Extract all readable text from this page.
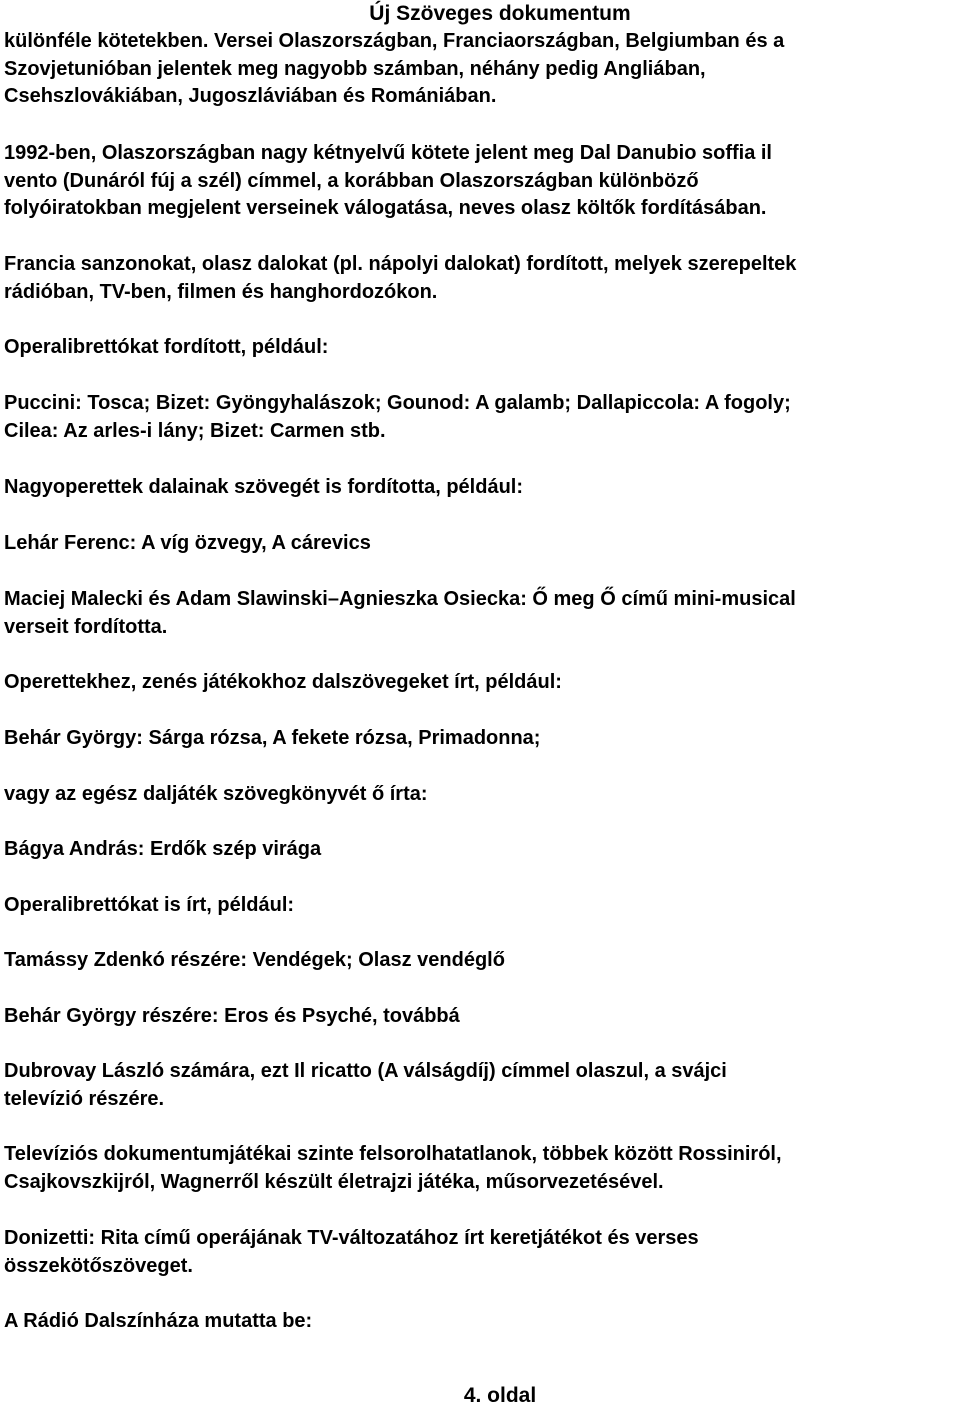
Új Szöveges dokumentum
különféle kötetekben. Versei Olaszországban, Franciaországban, Belgiumban és a
Szovjetunióban jelentek meg nagyobb számban, néhány pedig Angliában,
Csehszlovákiában, Jugoszláviában és Romániában.
1992-ben, Olaszországban nagy kétnyelvű kötete jelent meg Dal Danubio soffia il
vento (Dunáról fúj a szél) címmel, a korábban Olaszországban különböző
folyóiratokban megjelent verseinek válogatása, neves olasz költők fordításában.
Francia sanzonokat, olasz dalokat (pl. nápolyi dalokat) fordított, melyek szerepeltek
rádióban, TV-ben, filmen és hanghordozókon.
Operalibrettókat fordított, például:
Puccini: Tosca; Bizet: Gyöngyhalászok; Gounod: A galamb; Dallapiccola: A fogoly;
Cilea: Az arles-i lány; Bizet: Carmen stb.
Nagyoperettek dalainak szövegét is fordította, például:
Lehár Ferenc: A víg özvegy, A cárevics
Maciej Malecki és Adam Slawinski–Agnieszka Osiecka: Ő meg Ő című mini-musical
verseit fordította.
Operettekhez, zenés játékokhoz dalszövegeket írt, például:
Behár György: Sárga rózsa, A fekete rózsa, Primadonna;
vagy az egész daljáték szövegkönyvét ő írta:
Bágya András: Erdők szép virága
Operalibrettókat is írt, például:
Tamássy Zdenkó részére: Vendégek; Olasz vendéglő
Behár György részére: Eros és Psyché, továbbá
Dubrovay László számára, ezt Il ricatto (A válságdíj) címmel olaszul, a svájci
televízió részére.
Televíziós dokumentumjátékai szinte felsorolhatatlanok, többek között Rossiniról,
Csajkovszkijról, Wagnerről készült életrajzi játéka, műsorvezetésével.
Donizetti: Rita című operájának TV-változatához írt keretjátékot és verses
összekötőszöveget.
A Rádió Dalszínháza mutatta be:
4. oldal
